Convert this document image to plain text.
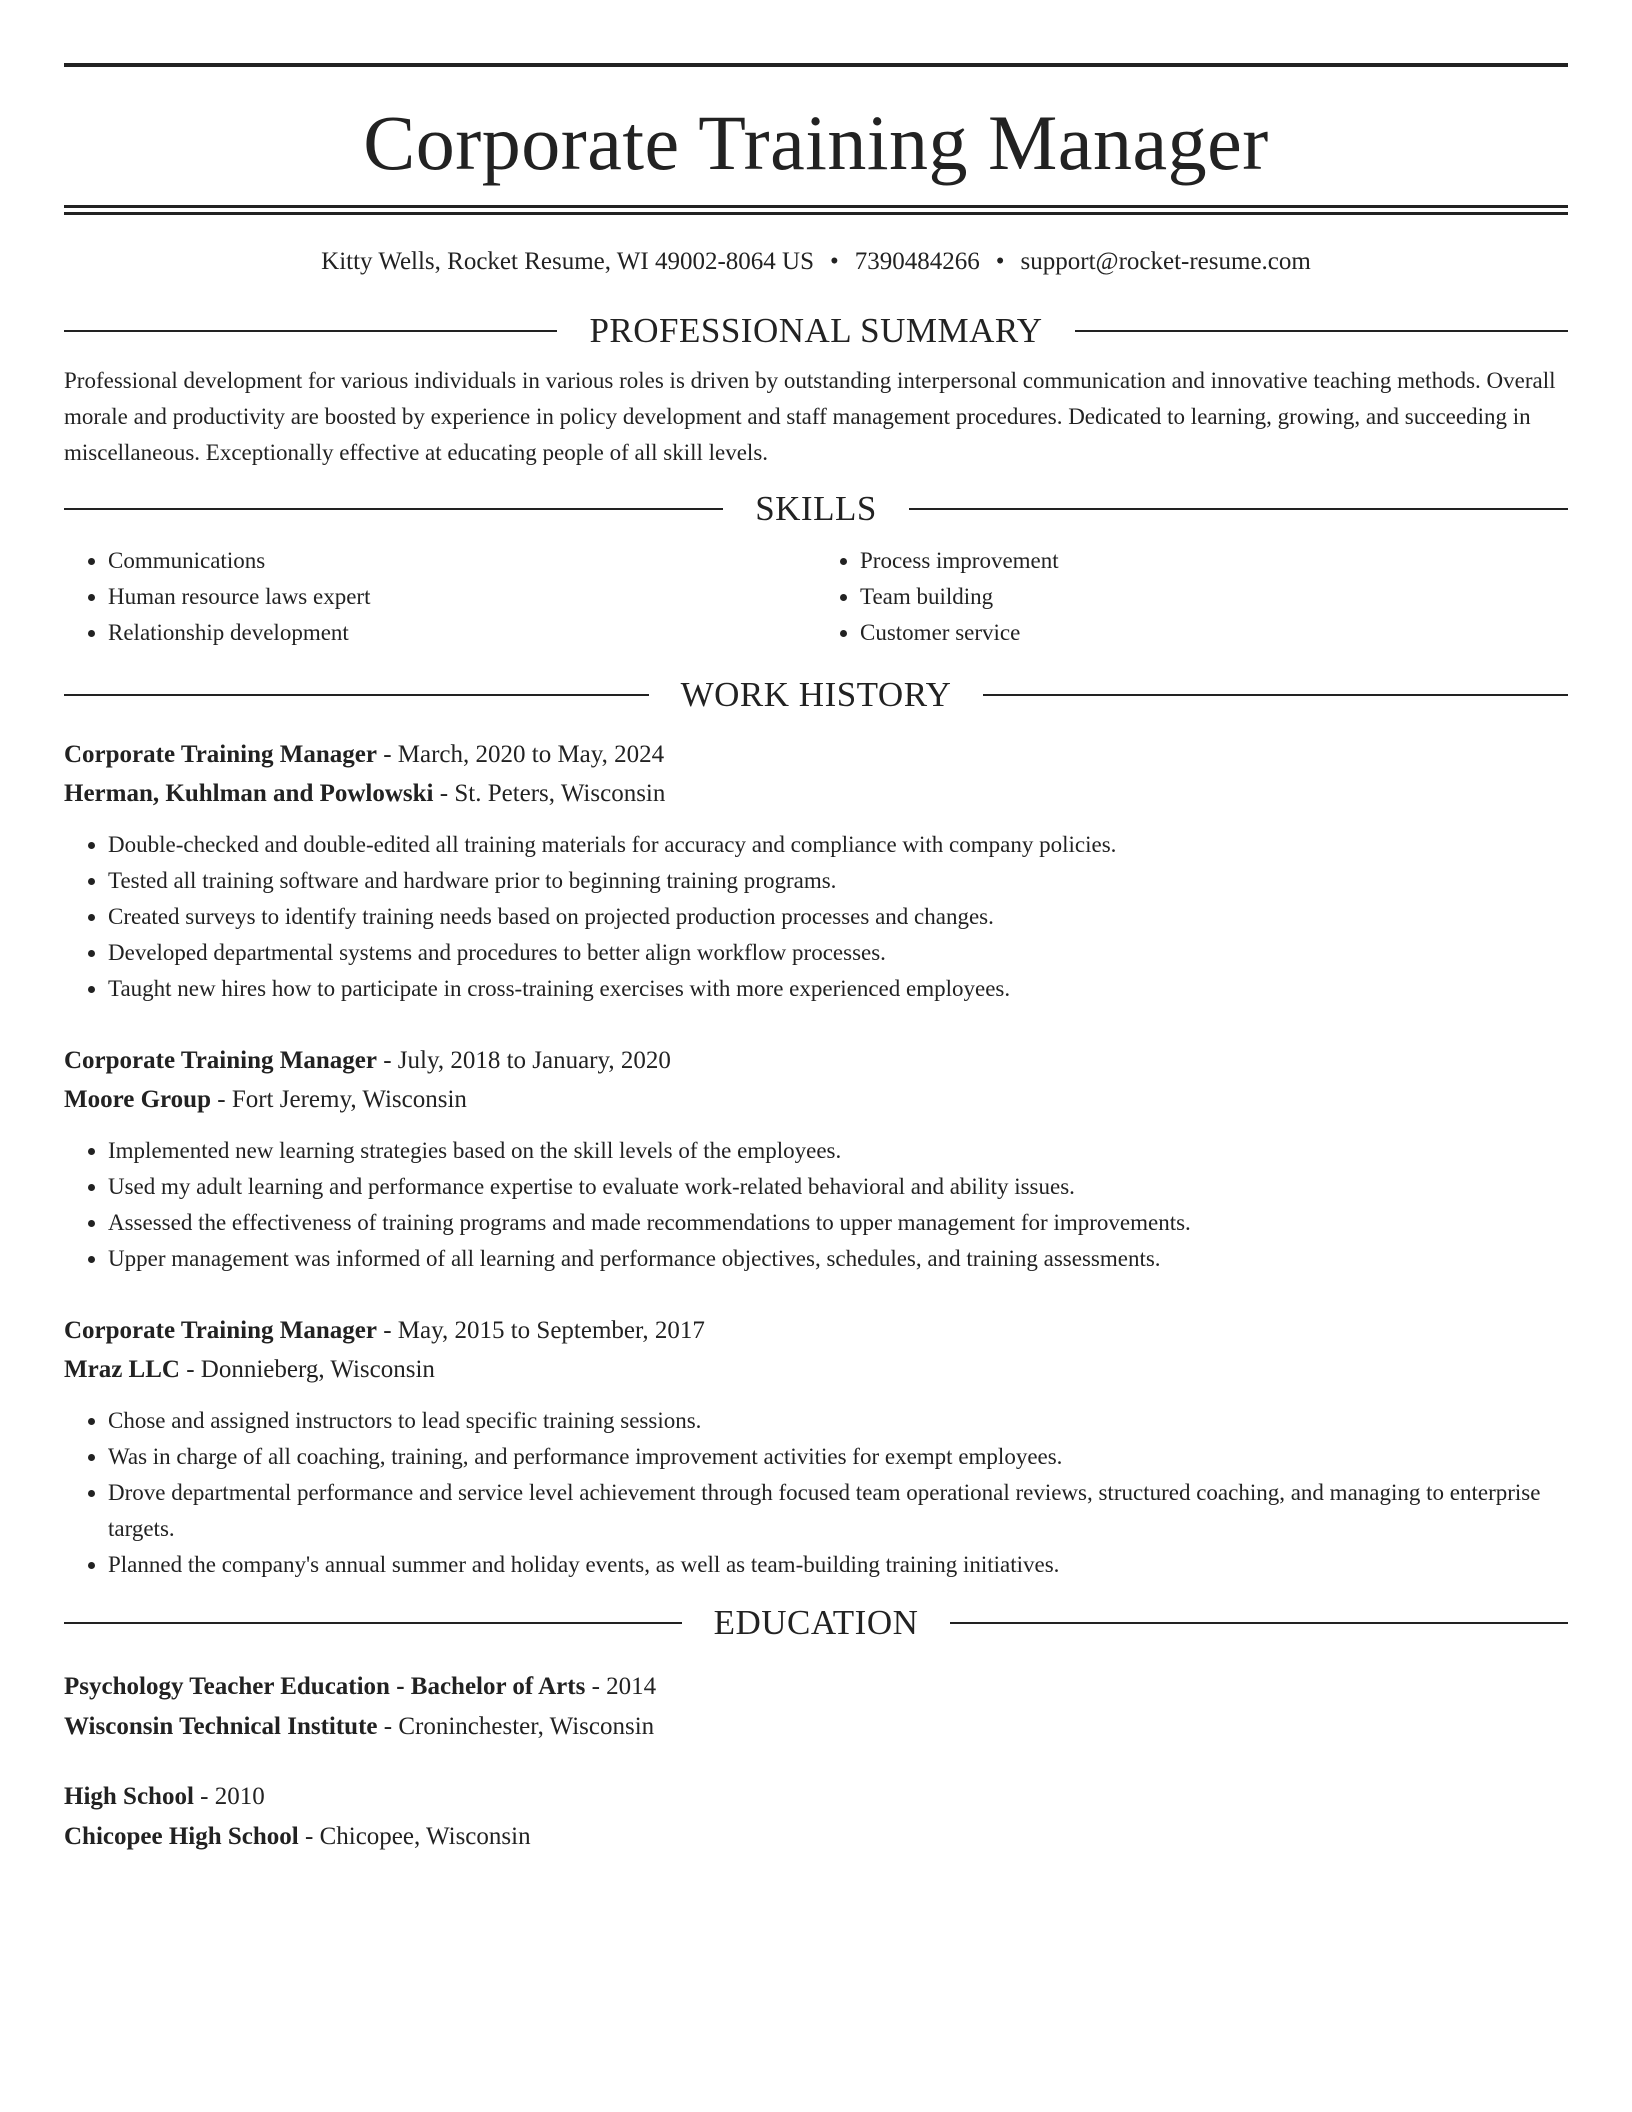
Corporate Training Manager
Kitty Wells, Rocket Resume, WI 49002-8064 US • 7390484266 • support@rocket-resume.com
PROFESSIONAL SUMMARY
Professional development for various individuals in various roles is driven by outstanding interpersonal communication and innovative teaching methods. Overall morale and productivity are boosted by experience in policy development and staff management procedures. Dedicated to learning, growing, and succeeding in miscellaneous. Exceptionally effective at educating people of all skill levels.
SKILLS
• Communications
• Human resource laws expert
• Relationship development
• Process improvement
• Team building
• Customer service
WORK HISTORY
Corporate Training Manager - March, 2020 to May, 2024
Herman, Kuhlman and Powlowski - St. Peters, Wisconsin
• Double-checked and double-edited all training materials for accuracy and compliance with company policies.
• Tested all training software and hardware prior to beginning training programs.
• Created surveys to identify training needs based on projected production processes and changes.
• Developed departmental systems and procedures to better align workflow processes.
• Taught new hires how to participate in cross-training exercises with more experienced employees.
Corporate Training Manager - July, 2018 to January, 2020
Moore Group - Fort Jeremy, Wisconsin
• Implemented new learning strategies based on the skill levels of the employees.
• Used my adult learning and performance expertise to evaluate work-related behavioral and ability issues.
• Assessed the effectiveness of training programs and made recommendations to upper management for improvements.
• Upper management was informed of all learning and performance objectives, schedules, and training assessments.
Corporate Training Manager - May, 2015 to September, 2017
Mraz LLC - Donnieberg, Wisconsin
• Chose and assigned instructors to lead specific training sessions.
• Was in charge of all coaching, training, and performance improvement activities for exempt employees.
• Drove departmental performance and service level achievement through focused team operational reviews, structured coaching, and managing to enterprise targets.
• Planned the company's annual summer and holiday events, as well as team-building training initiatives.
EDUCATION
Psychology Teacher Education - Bachelor of Arts - 2014
Wisconsin Technical Institute - Croninchester, Wisconsin
High School - 2010
Chicopee High School - Chicopee, Wisconsin
